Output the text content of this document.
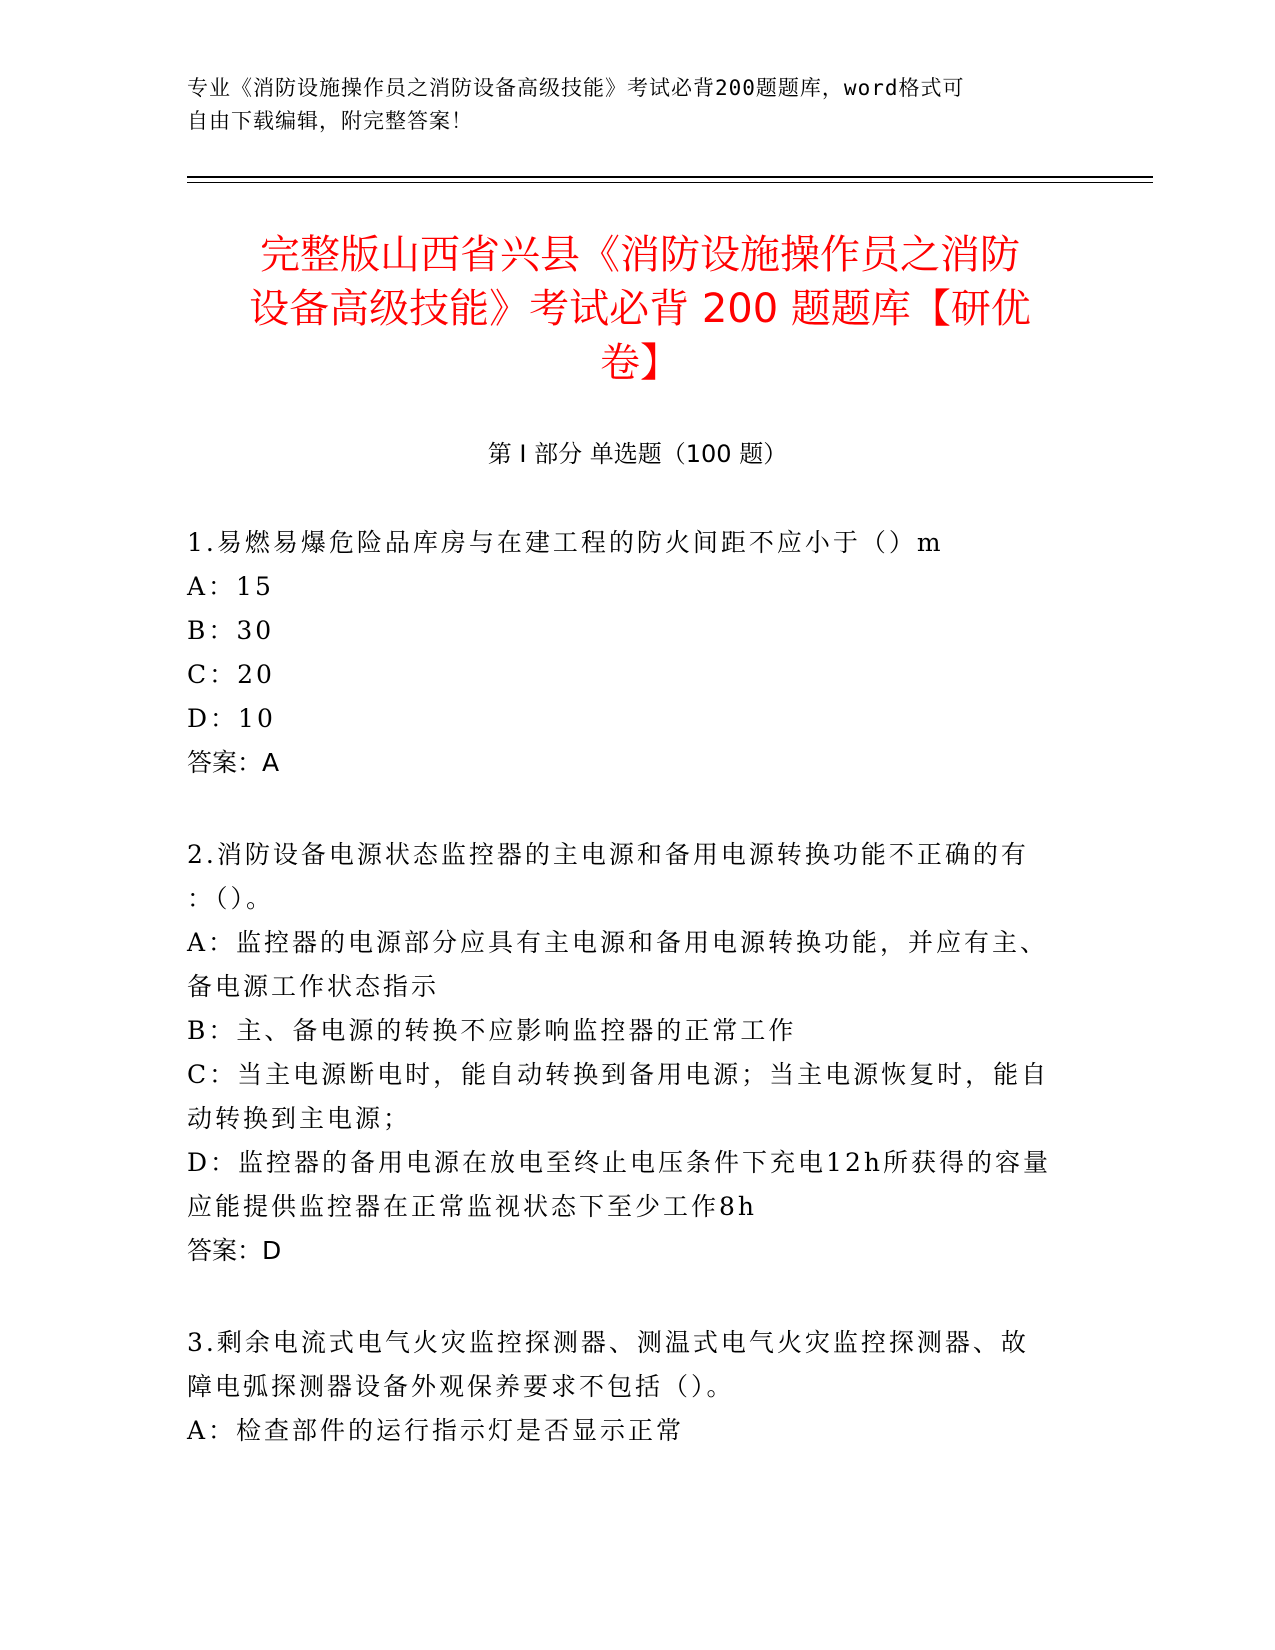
专业《消防设施操作员之消防设备高级技能》考试必背200题题库，word格式可
自由下载编辑，附完整答案！
完整版山西省兴县《消防设施操作员之消防
设备高级技能》考试必背 200 题题库【研优
卷】
第 I 部分 单选题（100 题）
1.易燃易爆危险品库房与在建工程的防火间距不应小于（）m
A：15
B：30
C：20
D：10
答案：A
2.消防设备电源状态监控器的主电源和备用电源转换功能不正确的有
：（）。
A：监控器的电源部分应具有主电源和备用电源转换功能，并应有主、
备电源工作状态指示
B：主、备电源的转换不应影响监控器的正常工作
C：当主电源断电时，能自动转换到备用电源；当主电源恢复时，能自
动转换到主电源；
D：监控器的备用电源在放电至终止电压条件下充电12h所获得的容量
应能提供监控器在正常监视状态下至少工作8h
答案：D
3.剩余电流式电气火灾监控探测器、测温式电气火灾监控探测器、故
障电弧探测器设备外观保养要求不包括（）。
A：检查部件的运行指示灯是否显示正常
